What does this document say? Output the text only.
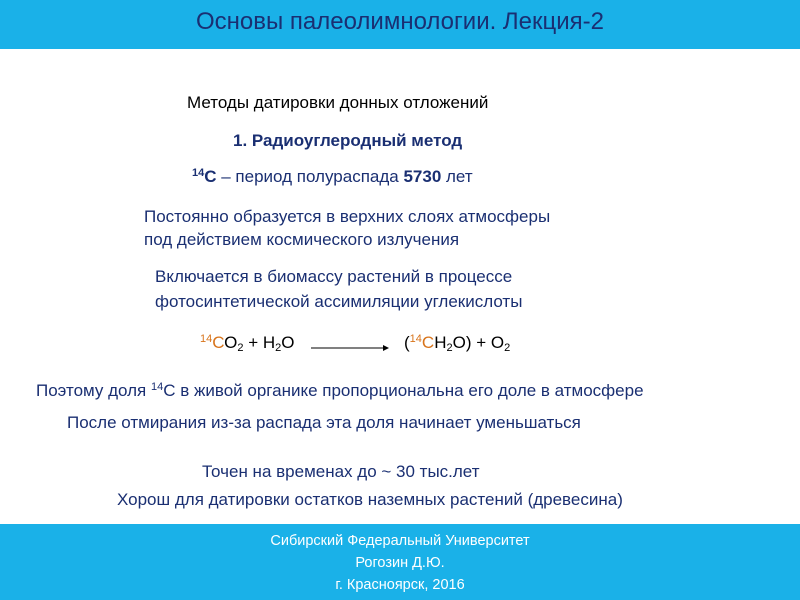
Основы палеолимнологии. Лекция-2
Методы датировки донных отложений
1. Радиоуглеродный метод
$^{14}$С – период полураспада 5730 лет
Постоянно образуется в верхних слоях атмосферы
под действием космического излучения
Включается в биомассу растений в процессе
фотосинтетической ассимиляции углекислоты
$^{14}СО_2 + H_2О$	$(^{14}СH_2О) + О_2$
Поэтому доля $^{14}$С в живой органике пропорциональна его доле в атмосфере
После отмирания из-за распада эта доля начинает уменьшаться
Точен на временах до ~ 30 тыс.лет
Хорош для датировки остатков наземных растений (древесина)
Сибирский Федеральный Университет
Рогозин Д.Ю.
г. Красноярск, 2016
